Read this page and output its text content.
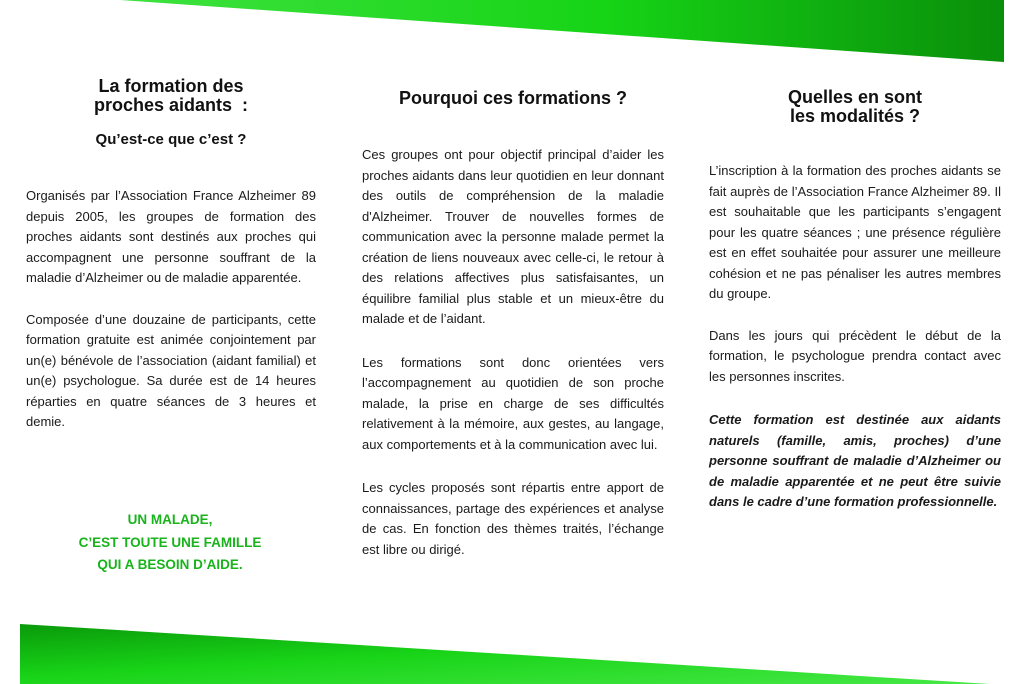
La formation des
proches aidants  :
Qu’est-ce que c’est ?

Organisés par l’Association France Alzheimer 89 depuis 2005, les groupes de formation des proches aidants sont destinés aux proches qui accompagnent une personne souffrant de la maladie d’Alzheimer ou de maladie apparentée.

Composée d’une douzaine de participants, cette formation gratuite est animée conjointement par un(e) bénévole de l’association (aidant familial) et un(e) psychologue. Sa durée est de 14 heures réparties en quatre séances de 3 heures et demie.

UN MALADE,
C’EST TOUTE UNE FAMILLE
QUI A BESOIN D’AIDE.
Pourquoi ces formations ?

Ces groupes ont pour objectif principal d’aider les proches aidants dans leur quotidien en leur donnant des outils de compréhension de la maladie d'Alzheimer. Trouver de nouvelles formes de communication avec la personne malade permet la création de liens nouveaux avec celle-ci, le retour à des relations affectives plus satisfaisantes, un équilibre familial plus stable et un mieux-être du malade et de l’aidant.

Les formations sont donc orientées vers l’accompagnement au quotidien de son proche malade, la prise en charge de ses difficultés relativement à la mémoire, aux gestes, au langage, aux comportements et à la communication avec lui.

Les cycles proposés sont répartis entre apport de connaissances, partage des expériences et analyse de cas. En fonction des thèmes traités, l’échange est libre ou dirigé.

Quelles en sont
les modalités ?

L’inscription à la formation des proches aidants se fait auprès de l’Association France Alzheimer 89. Il est souhaitable que les participants s’engagent pour les quatre séances ; une présence régulière est en effet souhaitée pour assurer une meilleure cohésion et ne pas pénaliser les autres membres du groupe.

Dans les jours qui précèdent le début de la formation, le psychologue prendra contact avec les personnes inscrites.

Cette formation est destinée aux aidants naturels (famille, amis, proches) d’une personne souffrant de maladie d’Alzheimer ou de maladie apparentée et ne peut être suivie dans le cadre d’une formation professionnelle.
